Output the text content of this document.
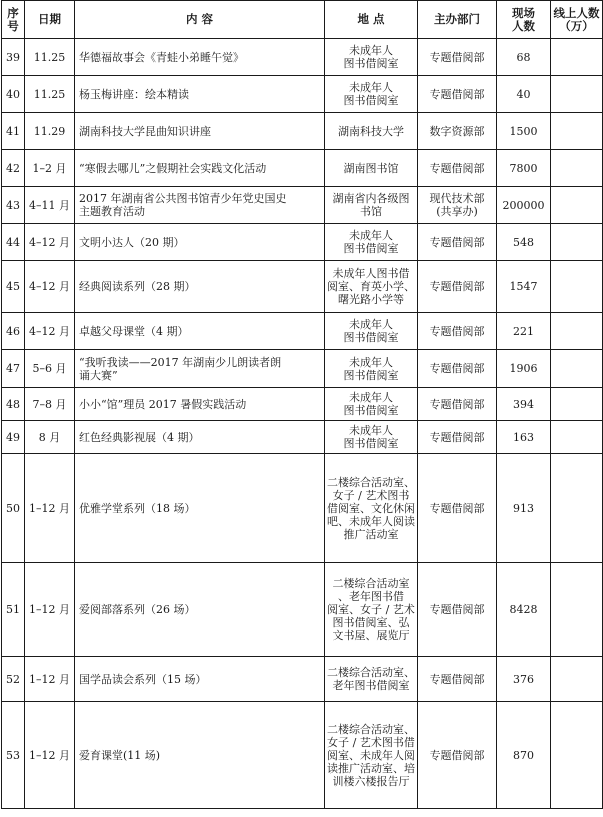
序
号	日期	内 容	地 点	主办部门	现场
人数	线上人数
（万）
39	11.25	华德福故事会《青蛙小弟睡午觉》	未成年人
图书借阅室	专题借阅部	68	
40	11.25	杨玉梅讲座：绘本精读	未成年人
图书借阅室	专题借阅部	40	
41	11.29	湖南科技大学昆曲知识讲座	湖南科技大学	数字资源部	1500	
42	1–2 月	“寒假去哪儿”之假期社会实践文化活动	湖南图书馆	专题借阅部	7800	
43	4–11 月	2017 年湖南省公共图书馆青少年党史国史
主题教育活动	湖南省内各级图
书馆	现代技术部
(共享办)	200000	
44	4–12 月	文明小达人（20 期）	未成年人
图书借阅室	专题借阅部	548	
45	4–12 月	经典阅读系列（28 期）	未成年人图书借
阅室、育英小学、
曙光路小学等	专题借阅部	1547	
46	4–12 月	卓越父母课堂（4 期）	未成年人
图书借阅室	专题借阅部	221	
47	5–6 月	“我听我读——2017 年湖南少儿朗读者朗
诵大赛”	未成年人
图书借阅室	专题借阅部	1906	
48	7–8 月	小小“馆”理员 2017 暑假实践活动	未成年人
图书借阅室	专题借阅部	394	
49	8 月	红色经典影视展（4 期）	未成年人
图书借阅室	专题借阅部	163	
50	1–12 月	优雅学堂系列（18 场）	二楼综合活动室、
女子 / 艺术图书
借阅室、文化休闲
吧、未成年人阅读
推广活动室	专题借阅部	913	
51	1–12 月	爱阅部落系列（26 场）	二楼综合活动室
、老年图书借
阅室、女子 / 艺术
图书借阅室、弘
文书屋、展览厅	专题借阅部	8428	
52	1–12 月	国学品读会系列（15 场）	二楼综合活动室、
老年图书借阅室	专题借阅部	376	
53	1–12 月	爱育课堂(11 场)	二楼综合活动室、
女子 / 艺术图书借
阅室、未成年人阅
读推广活动室、培
训楼六楼报告厅	专题借阅部	870	
